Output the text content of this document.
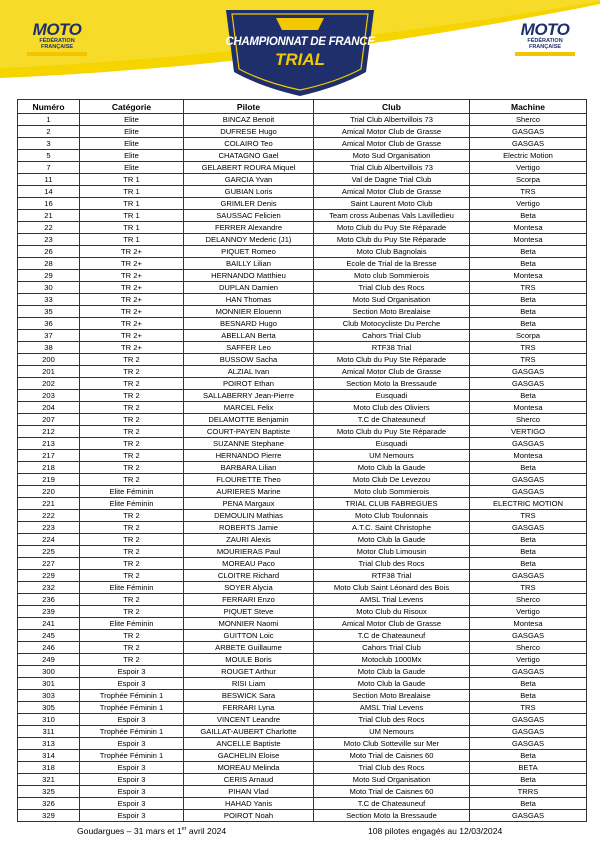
MOTO
FÉDÉRATION
FRANÇAISE
MOTO
FÉDÉRATION
FRANÇAISE
CHAMPIONNAT DE FRANCE
TRIAL
Numéro	Catégorie	Pilote	Club	Machine
1	Elite	BINCAZ Benoit	Trial Club Albertvillois 73	Sherco
2	Elite	DUFRESE Hugo	Amical Motor Club de Grasse	GASGAS
3	Elite	COLAIRO Teo	Amical Motor Club de Grasse	GASGAS
5	Elite	CHATAGNO Gael	Moto Sud Organisation	Electric Motion
7	Elite	GELABERT ROURA Miquel	Trial Club Albertvillois 73	Vertigo
11	TR 1	GARCIA Yvan	Val de Dagne Trial Club	Scorpa
14	TR 1	GUBIAN Loris	Amical Motor Club de Grasse	TRS
16	TR 1	GRIMLER Denis	Saint Laurent Moto Club	Vertigo
21	TR 1	SAUSSAC Felicien	Team cross Aubenas Vals Lavilledieu	Beta
22	TR 1	FERRER Alexandre	Moto Club du Puy Ste Réparade	Montesa
23	TR 1	DELANNOY Mederic (J1)	Moto Club du Puy Ste Réparade	Montesa
26	TR 2+	PIQUET Romeo	Moto Club Bagnolais	Beta
28	TR 2+	BAILLY Lilian	Ecole de Trial de la Bresse	Beta
29	TR 2+	HERNANDO Matthieu	Moto club Sommierois	Montesa
30	TR 2+	DUPLAN Damien	Trial Club des Rocs	TRS
33	TR 2+	HAN Thomas	Moto Sud Organisation	Beta
35	TR 2+	MONNIER Elouenn	Section Moto Brealaise	Beta
36	TR 2+	BESNARD Hugo	Club Motocycliste Du Perche	Beta
37	TR 2+	ABELLAN Berta	Cahors Trial Club	Scorpa
38	TR 2+	SAFFER Leo	RTF38 Trial	TRS
200	TR 2	BUSSOW Sacha	Moto Club du Puy Ste Réparade	TRS
201	TR 2	ALZIAL Ivan	Amical Motor Club de Grasse	GASGAS
202	TR 2	POIROT Ethan	Section Moto la Bressaude	GASGAS
203	TR 2	SALLABERRY Jean-Pierre	Eusquadi	Beta
204	TR 2	MARCEL Felix	Moto Club des Oliviers	Montesa
207	TR 2	DELAMOTTE Benjamin	T.C de Chateauneuf	Sherco
212	TR 2	COURT-PAYEN Baptiste	Moto Club du Puy Ste Réparade	VERTIGO
213	TR 2	SUZANNE Stephane	Eusquadi	GASGAS
217	TR 2	HERNANDO Pierre	UM Nemours	Montesa
218	TR 2	BARBARA Lilian	Moto Club la Gaude	Beta
219	TR 2	FLOURETTE Theo	Moto Club De Levezou	GASGAS
220	Elite Féminin	AURIERES Marine	Moto club Sommierois	GASGAS
221	Elite Féminin	PENA Margaux	TRIAL CLUB FABREGUES	ELECTRIC MOTION
222	TR 2	DEMOULIN Mathias	Moto Club Toulonnais	TRS
223	TR 2	ROBERTS Jamie	A.T.C. Saint Christophe	GASGAS
224	TR 2	ZAURI Alexis	Moto Club la Gaude	Beta
225	TR 2	MOURIERAS Paul	Motor Club Limousin	Beta
227	TR 2	MOREAU Paco	Trial Club des Rocs	Beta
229	TR 2	CLOITRE Richard	RTF38 Trial	GASGAS
232	Elite Féminin	SOYER Alycia	Moto Club Saint Léonard des Bois	TRS
236	TR 2	FERRARI Enzo	AMSL Trial Levens	Sherco
239	TR 2	PIQUET Steve	Moto Club du Risoux	Vertigo
241	Elite Féminin	MONNIER Naomi	Amical Motor Club de Grasse	Montesa
245	TR 2	GUITTON Loic	T.C de Chateauneuf	GASGAS
246	TR 2	ARBETE Guillaume	Cahors Trial Club	Sherco
249	TR 2	MOULE Boris	Motoclub 1000Mx	Vertigo
300	Espoir 3	ROUGET Arthur	Moto Club la Gaude	GASGAS
301	Espoir 3	RISI Liam	Moto Club la Gaude	Beta
303	Trophée Féminin 1	BESWICK Sara	Section Moto Brealaise	Beta
305	Trophée Féminin 1	FERRARI Lyna	AMSL Trial Levens	TRS
310	Espoir 3	VINCENT Leandre	Trial Club des Rocs	GASGAS
311	Trophée Féminin 1	GAILLAT-AUBERT Charlotte	UM Nemours	GASGAS
313	Espoir 3	ANCELLE Baptiste	Moto Club Sotteville sur Mer	GASGAS
314	Trophée Féminin 1	GACHELIN Eloise	Moto Trial de Caisnes 60	Beta
318	Espoir 3	MOREAU Melinda	Trial Club des Rocs	BETA
321	Espoir 3	CERIS Arnaud	Moto Sud Organisation	Beta
325	Espoir 3	PIHAN Vlad	Moto Trial de Caisnes 60	TRRS
326	Espoir 3	HAHAD Yanis	T.C de Chateauneuf	Beta
329	Espoir 3	POIROT Noah	Section Moto la Bressaude	GASGAS
Goudargues – 31 mars et 1er avril 2024	108 pilotes engagés au 12/03/2024
